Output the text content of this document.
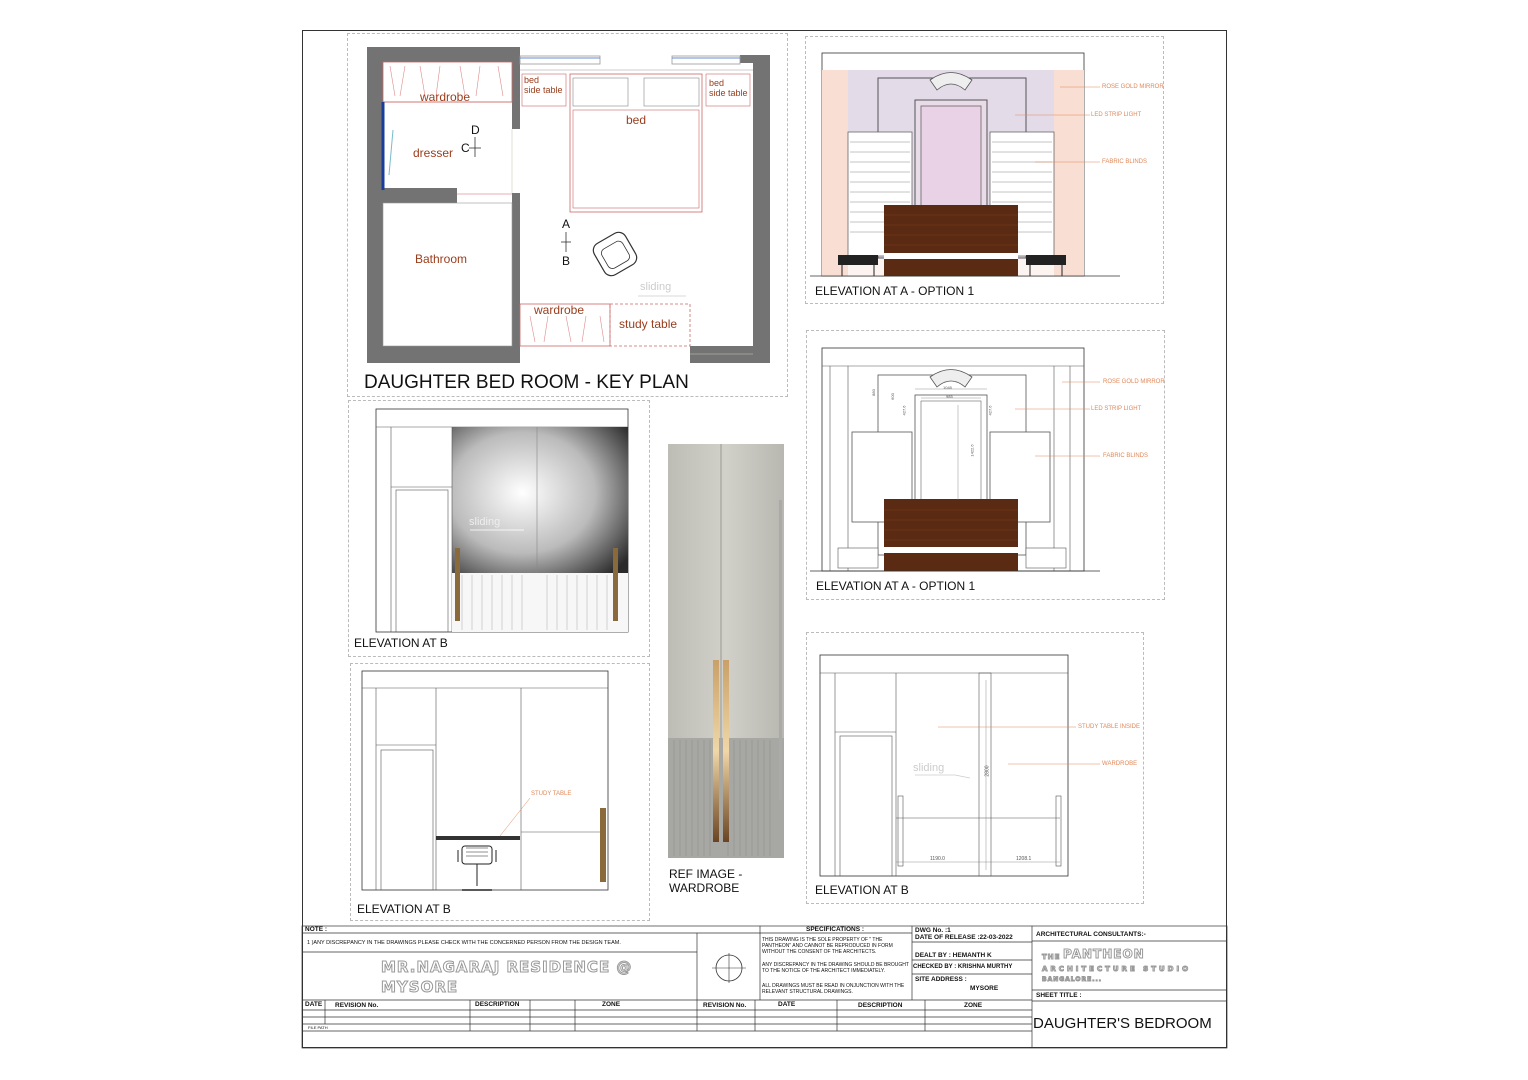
wardrobe
dresser
Bathroom
bed
bed
side table
bed
side table
wardrobe
study table
sliding
A
B
C
D
DAUGHTER BED ROOM - KEY PLAN
ROSE GOLD MIRROR
LED STRIP LIGHT
FABRIC BLINDS
ELEVATION AT A - OPTION 1
1045
985
880
600
427.6	427.6
1422.6
ROSE GOLD MIRROR
LED STRIP LIGHT
FABRIC BLINDS
ELEVATION AT A - OPTION 1
sliding
ELEVATION AT B
STUDY TABLE
ELEVATION AT B
REF IMAGE -
WARDROBE
STUDY TABLE INSIDE
WARDROBE
sliding	2800
1190.0	1208.1
ELEVATION AT B
NOTE :
1 )ANY DISCREPANCY IN THE DRAWINGS PLEASE CHECK WITH THE CONCERNED PERSON FROM THE DESIGN TEAM.
MR.NAGARAJ RESIDENCE @
MYSORE
SPECIFICATIONS :
THIS DRAWING IS THE SOLE PROPERTY OF " THE PANTHEON" AND CANNOT BE REPRODUCED IN FORM WITHOUT THE CONSENT OF THE ARCHITECTS.
ANY DISCREPANCY IN THE DRAWING SHOULD BE BROUGHT TO THE NOTICE OF THE ARCHITECT IMMEDIATELY.
ALL DRAWINGS MUST BE READ IN ONJUNCTION WITH THE RELEVANT STRUCTURAL DRAWINGS.
DWG No. :1
DATE OF RELEASE :22-03-2022
DEALT BY : HEMANTH K
CHECKED BY : KRISHNA MURTHY
SITE ADDRESS :
MYSORE
ARCHITECTURAL CONSULTANTS:-
THE PANTHEON
ARCHITECTURE STUDIO
BANGALORE...
SHEET TITLE :
DAUGHTER'S BEDROOM
DATE REVISION No.	DESCRIPTION	ZONE	REVISION No.	DATE	DESCRIPTION	ZONE
FILE PATH
